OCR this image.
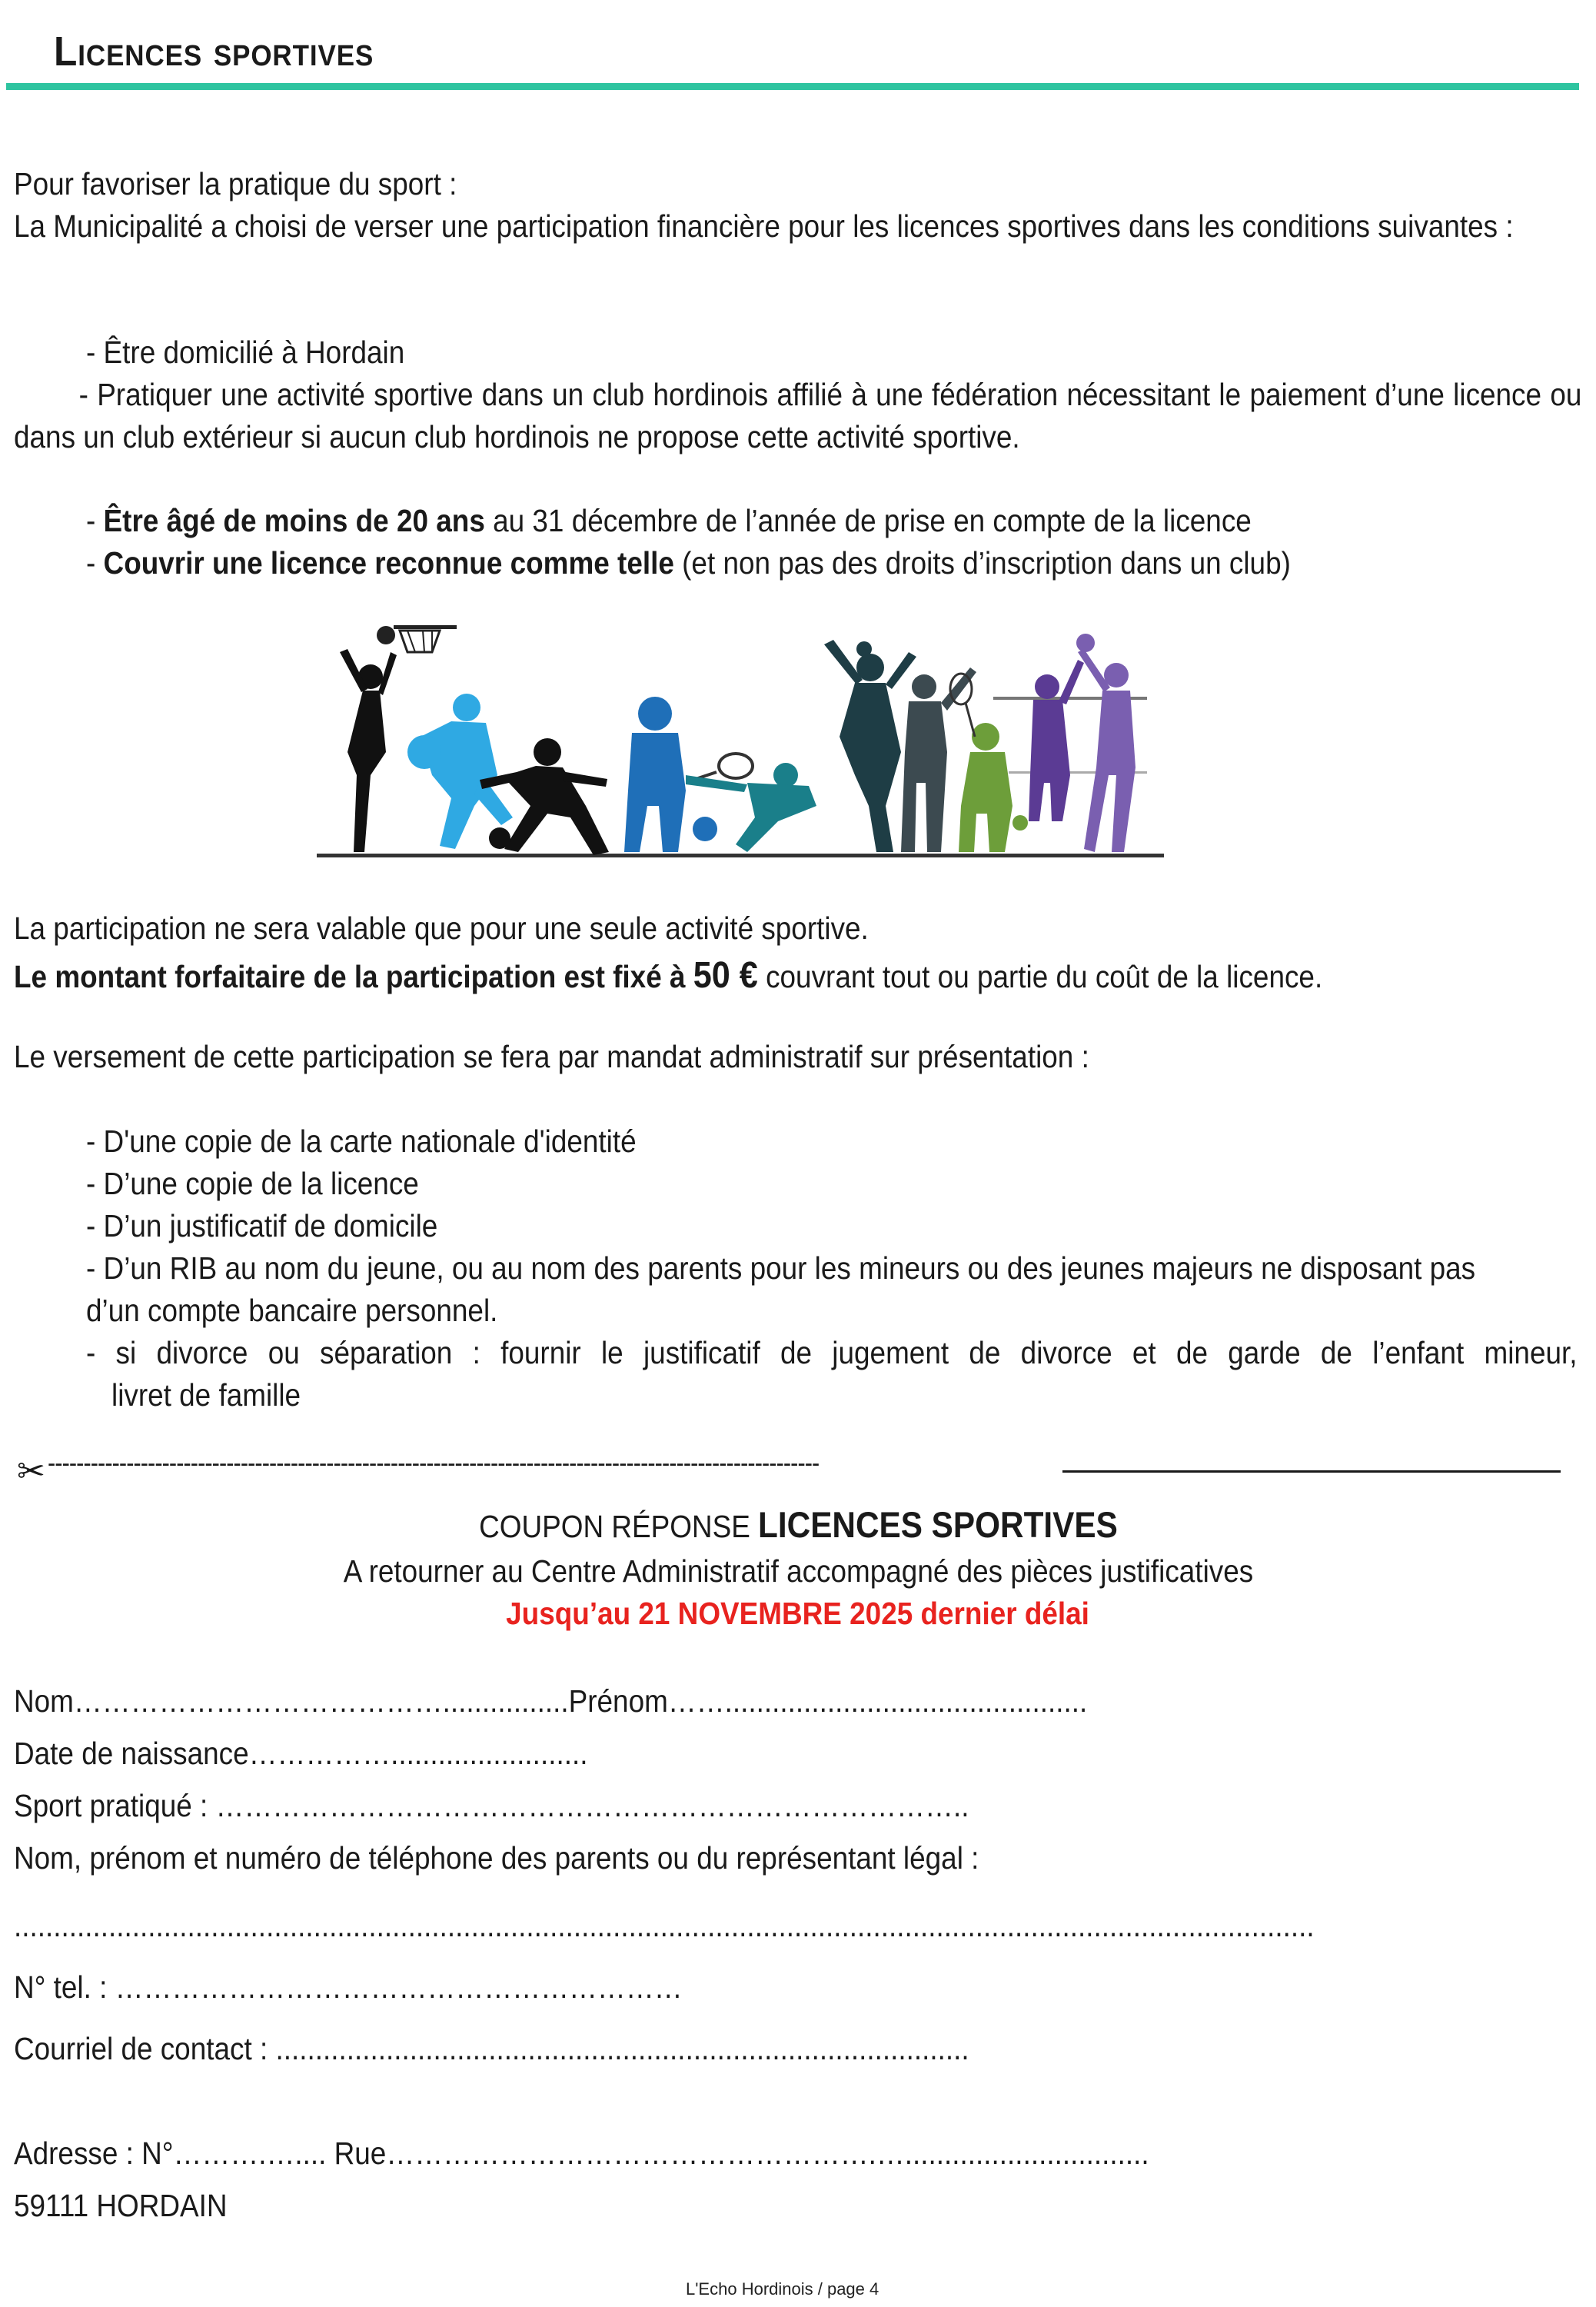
Licences sportives
Pour favoriser la pratique du sport :
La Municipalité a choisi de verser une participation financière pour les licences sportives dans les conditions suivantes :
- Être domicilié à Hordain
- Pratiquer une activité sportive dans un club hordinois affilié à une fédération nécessitant le paiement d’une licence ou dans un club extérieur si aucun club hordinois ne propose cette activité sportive.
- Être âgé de moins de 20 ans au 31 décembre de l’année de prise en compte de la licence
- Couvrir une licence reconnue comme telle (et non pas des droits d’inscription dans un club)
La participation ne sera valable que pour une seule activité sportive.
Le montant forfaitaire de la participation est fixé à 50 € couvrant tout ou partie du coût de la licence.
Le versement de cette participation se fera par mandat administratif sur présentation :
- D'une copie de la carte nationale d'identité
- D’une copie de la licence
- D’un justificatif de domicile
- D’un RIB au nom du jeune, ou au nom des parents pour les mineurs ou des jeunes majeurs ne disposant pas
d’un compte bancaire personnel.
- si divorce ou séparation : fournir le justificatif de jugement de divorce et de garde de l’enfant mineur,
livret de famille
✂ ------------------------------------------------------------------------------------------------------------
COUPON RÉPONSE LICENCES SPORTIVES
A retourner au Centre Administratif accompagné des pièces justificatives
Jusqu’au 21 NOVEMBRE 2025 dernier délai
Nom…………………………………................Prénom……..............................................
Date de naissance…………….........................
Sport pratiqué : ……………………………………………………………………..
Nom, prénom et numéro de téléphone des parents ou du représentant légal :
.....................................................................................................................................................................
N° tel. : ……………………………………………………
Courriel de contact : ........................................................................................
Adresse : N°……….….... Rue…………………………………………….…...............................
59111 HORDAIN
L'Echo Hordinois / page 4
